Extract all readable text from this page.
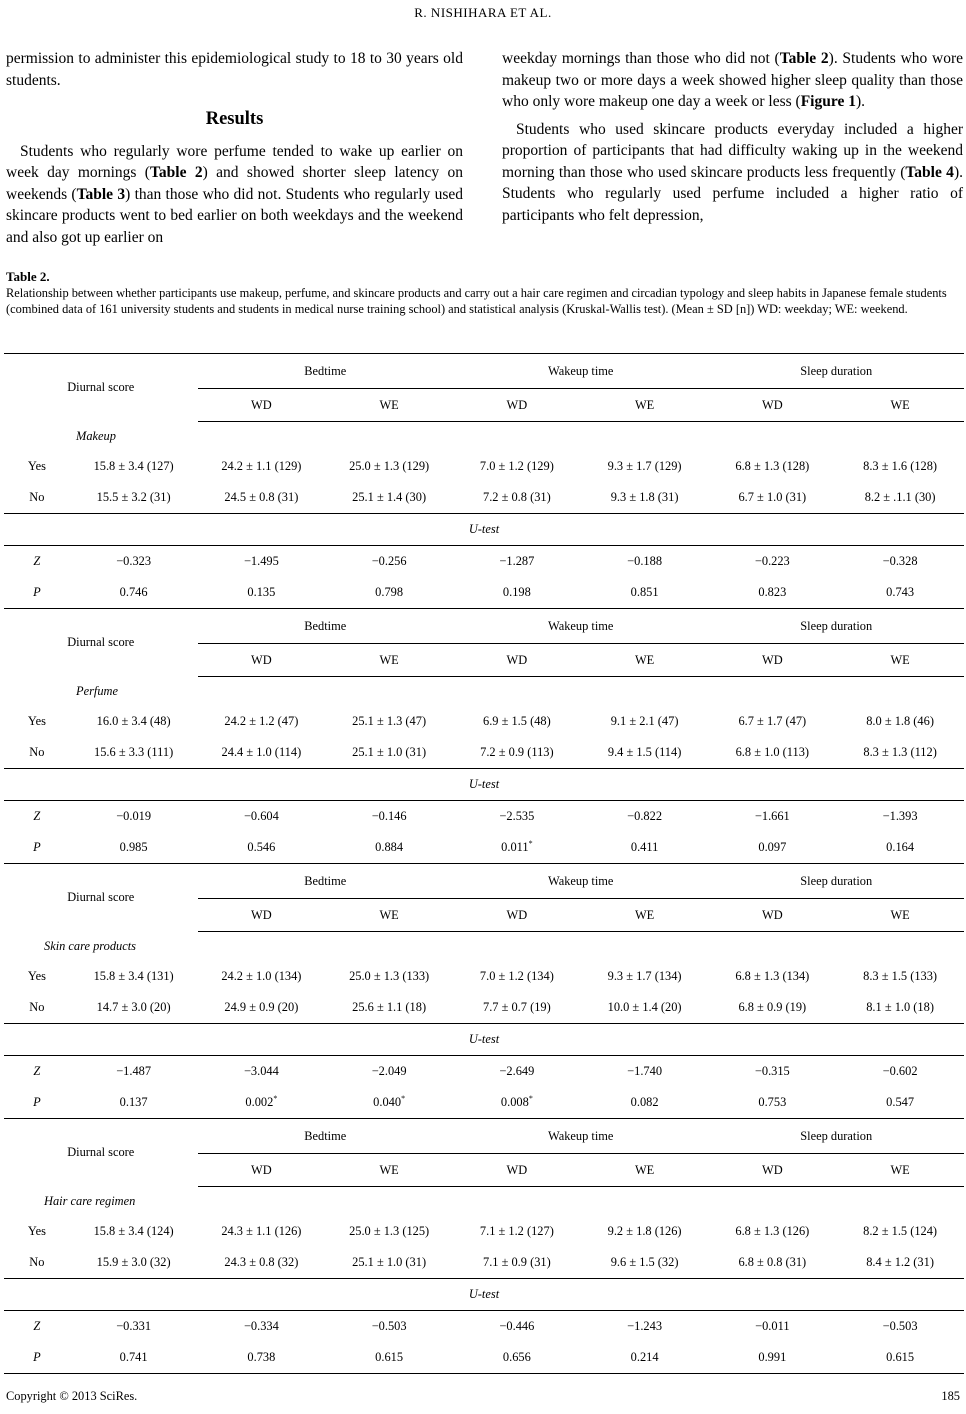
R. NISHIHARA ET AL.

permission to administer this epidemiological study to 18 to 30 years old students.

Results

Students who regularly wore perfume tended to wake up earlier on week day mornings (Table 2) and showed shorter sleep latency on weekends (Table 3) than those who did not. Students who regularly used skincare products went to bed earlier on both weekdays and the weekend and also got up earlier on

weekday mornings than those who did not (Table 2). Students who wore makeup two or more days a week showed higher sleep quality than those who only wore makeup one day a week or less (Figure 1).

Students who used skincare products everyday included a higher proportion of participants that had difficulty waking up in the weekend morning than those who used skincare products less frequently (Table 4). Students who regularly used perfume included a higher ratio of participants who felt depression,

Table 2.
Relationship between whether participants use makeup, perfume, and skincare products and carry out a hair care regimen and circadian typology and sleep habits in Japanese female students (combined data of 161 university students and students in medical nurse training school) and statistical analysis (Kruskal-Wallis test). (Mean ± SD [n]) WD: weekday; WE: weekend.
Diurnal score		Bedtime		Wakeup time		Sleep duration	
		WD	WE	WD	WE	WD	WE
Makeup							
Yes	15.8 ± 3.4 (127)	24.2 ± 1.1 (129)	25.0 ± 1.3 (129)	7.0 ± 1.2 (129)	9.3 ± 1.7 (129)	6.8 ± 1.3 (128)	8.3 ± 1.6 (128)
No	15.5 ± 3.2 (31)	24.5 ± 0.8 (31)	25.1 ± 1.4 (30)	7.2 ± 0.8 (31)	9.3 ± 1.8 (31)	6.7 ± 1.0 (31)	8.2 ± .1.1 (30)
U-test							
Z	−0.323	−1.495	−0.256	−1.287	−0.188	−0.223	−0.328
P	0.746	0.135	0.798	0.198	0.851	0.823	0.743
Diurnal score		Bedtime		Wakeup time		Sleep duration	
		WD	WE	WD	WE	WD	WE
Perfume							
Yes	16.0 ± 3.4 (48)	24.2 ± 1.2 (47)	25.1 ± 1.3 (47)	6.9 ± 1.5 (48)	9.1 ± 2.1 (47)	6.7 ± 1.7 (47)	8.0 ± 1.8 (46)
No	15.6 ± 3.3 (111)	24.4 ± 1.0 (114)	25.1 ± 1.0 (31)	7.2 ± 0.9 (113)	9.4 ± 1.5 (114)	6.8 ± 1.0 (113)	8.3 ± 1.3 (112)
U-test							
Z	−0.019	−0.604	−0.146	−2.535	−0.822	−1.661	−1.393
P	0.985	0.546	0.884	0.011*	0.411	0.097	0.164
Diurnal score		Bedtime		Wakeup time		Sleep duration	
		WD	WE	WD	WE	WD	WE
Skin care products							
Yes	15.8 ± 3.4 (131)	24.2 ± 1.0 (134)	25.0 ± 1.3 (133)	7.0 ± 1.2 (134)	9.3 ± 1.7 (134)	6.8 ± 1.3 (134)	8.3 ± 1.5 (133)
No	14.7 ± 3.0 (20)	24.9 ± 0.9 (20)	25.6 ± 1.1 (18)	7.7 ± 0.7 (19)	10.0 ± 1.4 (20)	6.8 ± 0.9 (19)	8.1 ± 1.0 (18)
U-test							
Z	−1.487	−3.044	−2.049	−2.649	−1.740	−0.315	−0.602
P	0.137	0.002*	0.040*	0.008*	0.082	0.753	0.547
Diurnal score		Bedtime		Wakeup time		Sleep duration	
		WD	WE	WD	WE	WD	WE
Hair care regimen							
Yes	15.8 ± 3.4 (124)	24.3 ± 1.1 (126)	25.0 ± 1.3 (125)	7.1 ± 1.2 (127)	9.2 ± 1.8 (126)	6.8 ± 1.3 (126)	8.2 ± 1.5 (124)
No	15.9 ± 3.0 (32)	24.3 ± 0.8 (32)	25.1 ± 1.0 (31)	7.1 ± 0.9 (31)	9.6 ± 1.5 (32)	6.8 ± 0.8 (31)	8.4 ± 1.2 (31)
U-test							
Z	−0.331	−0.334	−0.503	−0.446	−1.243	−0.011	−0.503
P	0.741	0.738	0.615	0.656	0.214	0.991	0.615
Copyright © 2013 SciRes.	185
